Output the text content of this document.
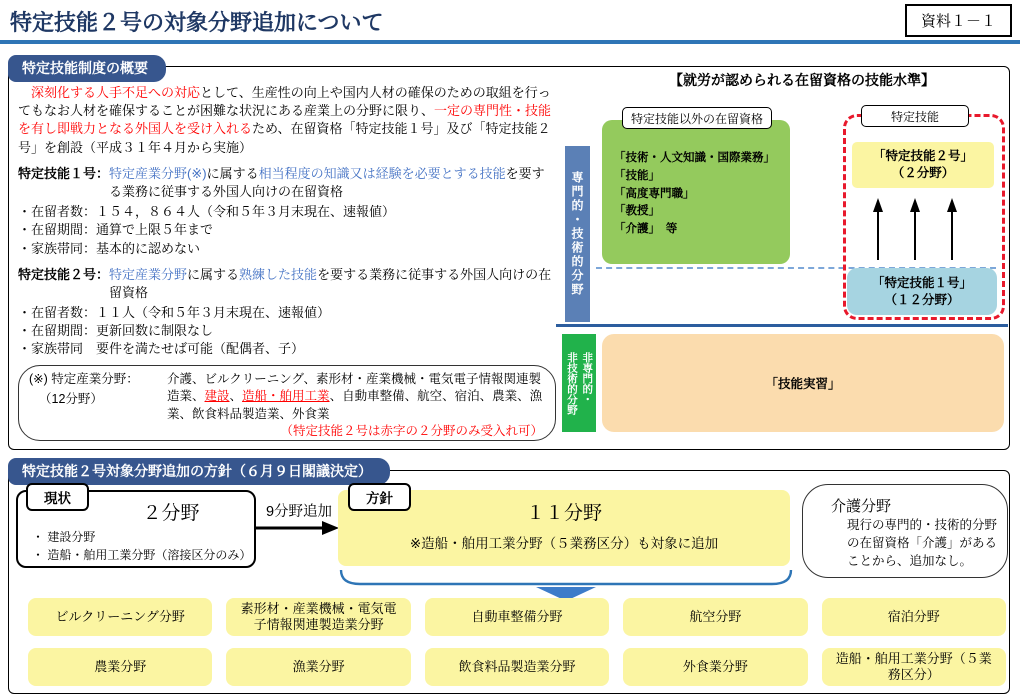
特定技能２号の対象分野追加について	資料１－１
特定技能制度の概要

深刻化する人手不足への対応として、生産性の向上や国内人材の確保のための取組を行ってもなお人材を確保することが困難な状況にある産業上の分野に限り、一定の専門性・技能を有し即戦力となる外国人を受け入れるため、在留資格「特定技能１号」及び「特定技能２号」を創設（平成３１年４月から実施）

特定技能１号： 特定産業分野(※)に属する相当程度の知識又は経験を必要とする技能を要する業務に従事する外国人向けの在留資格
・ 在留者数：１５４，８６４人（令和５年３月末現在、速報値）
・ 在留期間：通算で上限５年まで
・ 家族帯同：基本的に認めない
特定技能２号： 特定産業分野に属する熟練した技能を要する業務に従事する外国人向けの在留資格
・ 在留者数：１１人（令和５年３月末現在、速報値）
・ 在留期間：更新回数に制限なし
・ 家族帯同　要件を満たせば可能（配偶者、子）
(※) 特定産業分野：
（12分野）
介護、ビルクリーニング、素形材・産業機械・電気電子情報関連製造業、建設、造船・舶用工業、自動車整備、航空、宿泊、農業、漁業、飲食料品製造業、外食業
（特定技能２号は赤字の２分野のみ受入れ可）
【就労が認められる在留資格の技能水準】
専門的・技術的分野
非専門的・
非技術的分野
「技術・人文知識・国際業務」
「技能」
「高度専門職」
「教授」
「介護」　等
特定技能以外の在留資格	特定技能
「特定技能２号」
（２分野）
「特定技能１号」
（１２分野）
「技能実習」
特定技能２号対象分野追加の方針（６月９日閣議決定）
２分野
・ 建設分野
・ 造船・舶用工業分野（溶接区分のみ）
現状
9分野追加	１１分野
※造船・舶用工業分野（５業務区分）も対象に追加
方針	介護分野
現行の専門的・技術的分野の在留資格「介護」があることから、追加なし。
ビルクリーニング分野
素形材・産業機械・電気電子情報関連製造業分野
自動車整備分野	航空分野	宿泊分野
農業分野	漁業分野	飲食料品製造業分野	外食業分野
造船・舶用工業分野（５業務区分）
